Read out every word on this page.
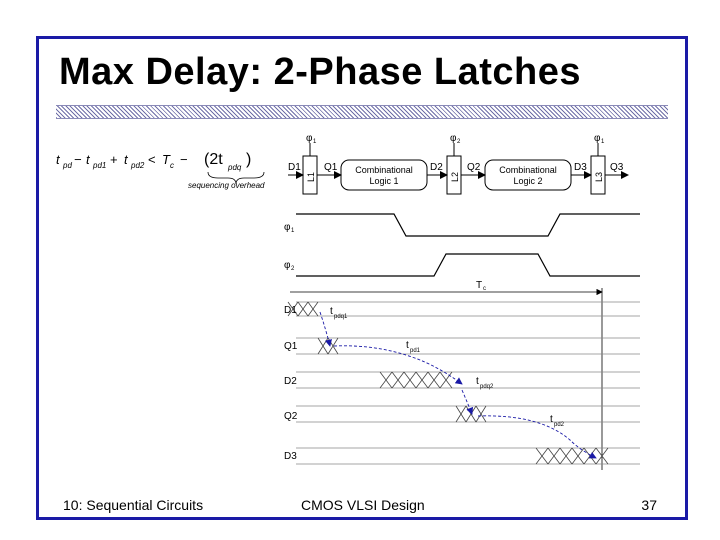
Max Delay: 2-Phase Latches
10: Sequential Circuits	CMOS VLSI Design	37
t pd − t pd1 + t pd2 < T c − (2t pdq )
sequencing overhead
L1	L2	L3
φ 1	φ 2	φ 1
Combinational
Logic 1
Combinational
Logic 2
D1 Q1	D2 Q2	D3 Q3
φ 1
φ 2
T c
D1
Q1
D2
Q2
D3
t pdq1
t pd1
t pdq2
t pd2
